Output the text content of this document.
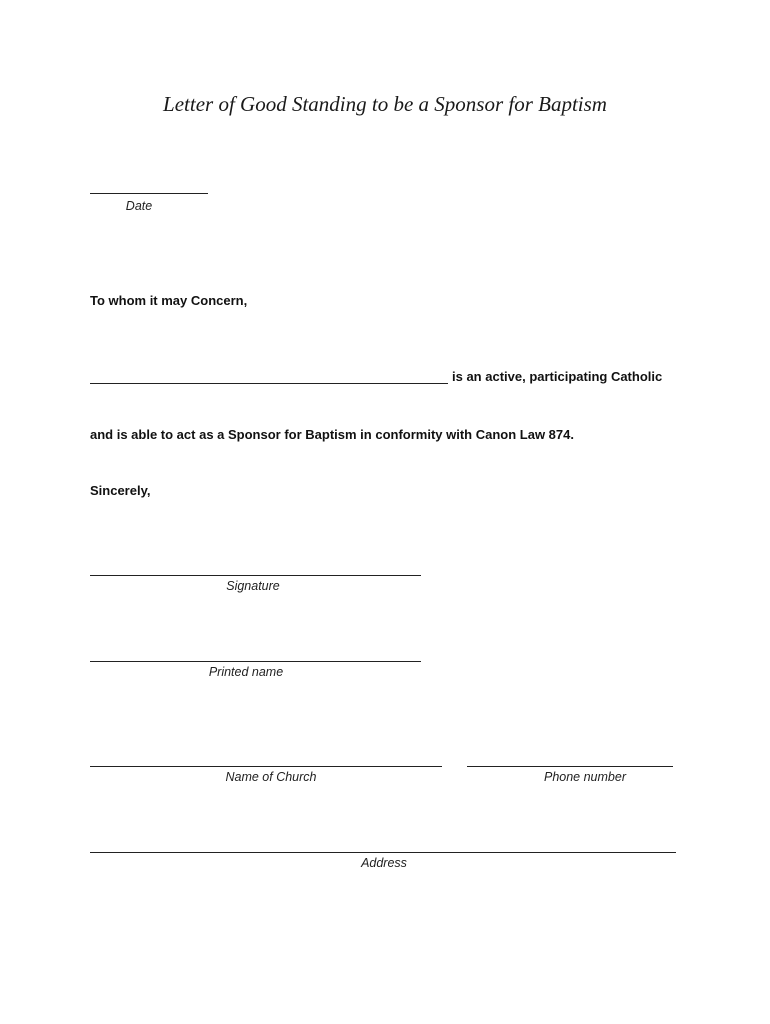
Letter of Good Standing to be a Sponsor for Baptism
Date
To whom it may Concern,
is an active, participating Catholic
and is able to act as a Sponsor for Baptism in conformity with Canon Law 874.
Sincerely,
Signature
Printed name
Name of Church	Phone number
Address
